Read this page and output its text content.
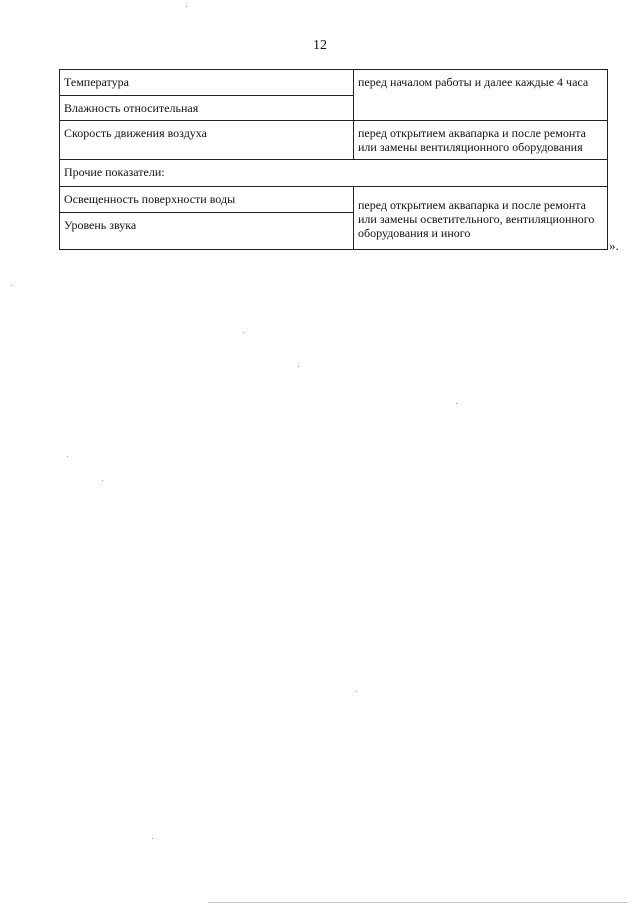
12
Температура	перед началом работы и далее каждые 4 часа
Влажность относительная	
Скорость движения воздуха	перед открытием аквапарка и после ремонта или замены вентиляционного оборудования
Прочие показатели:	
Освещенность поверхности воды	перед открытием аквапарка и после ремонта или замены осветительного, вентиляционного оборудования и иного
Уровень звука	
».
